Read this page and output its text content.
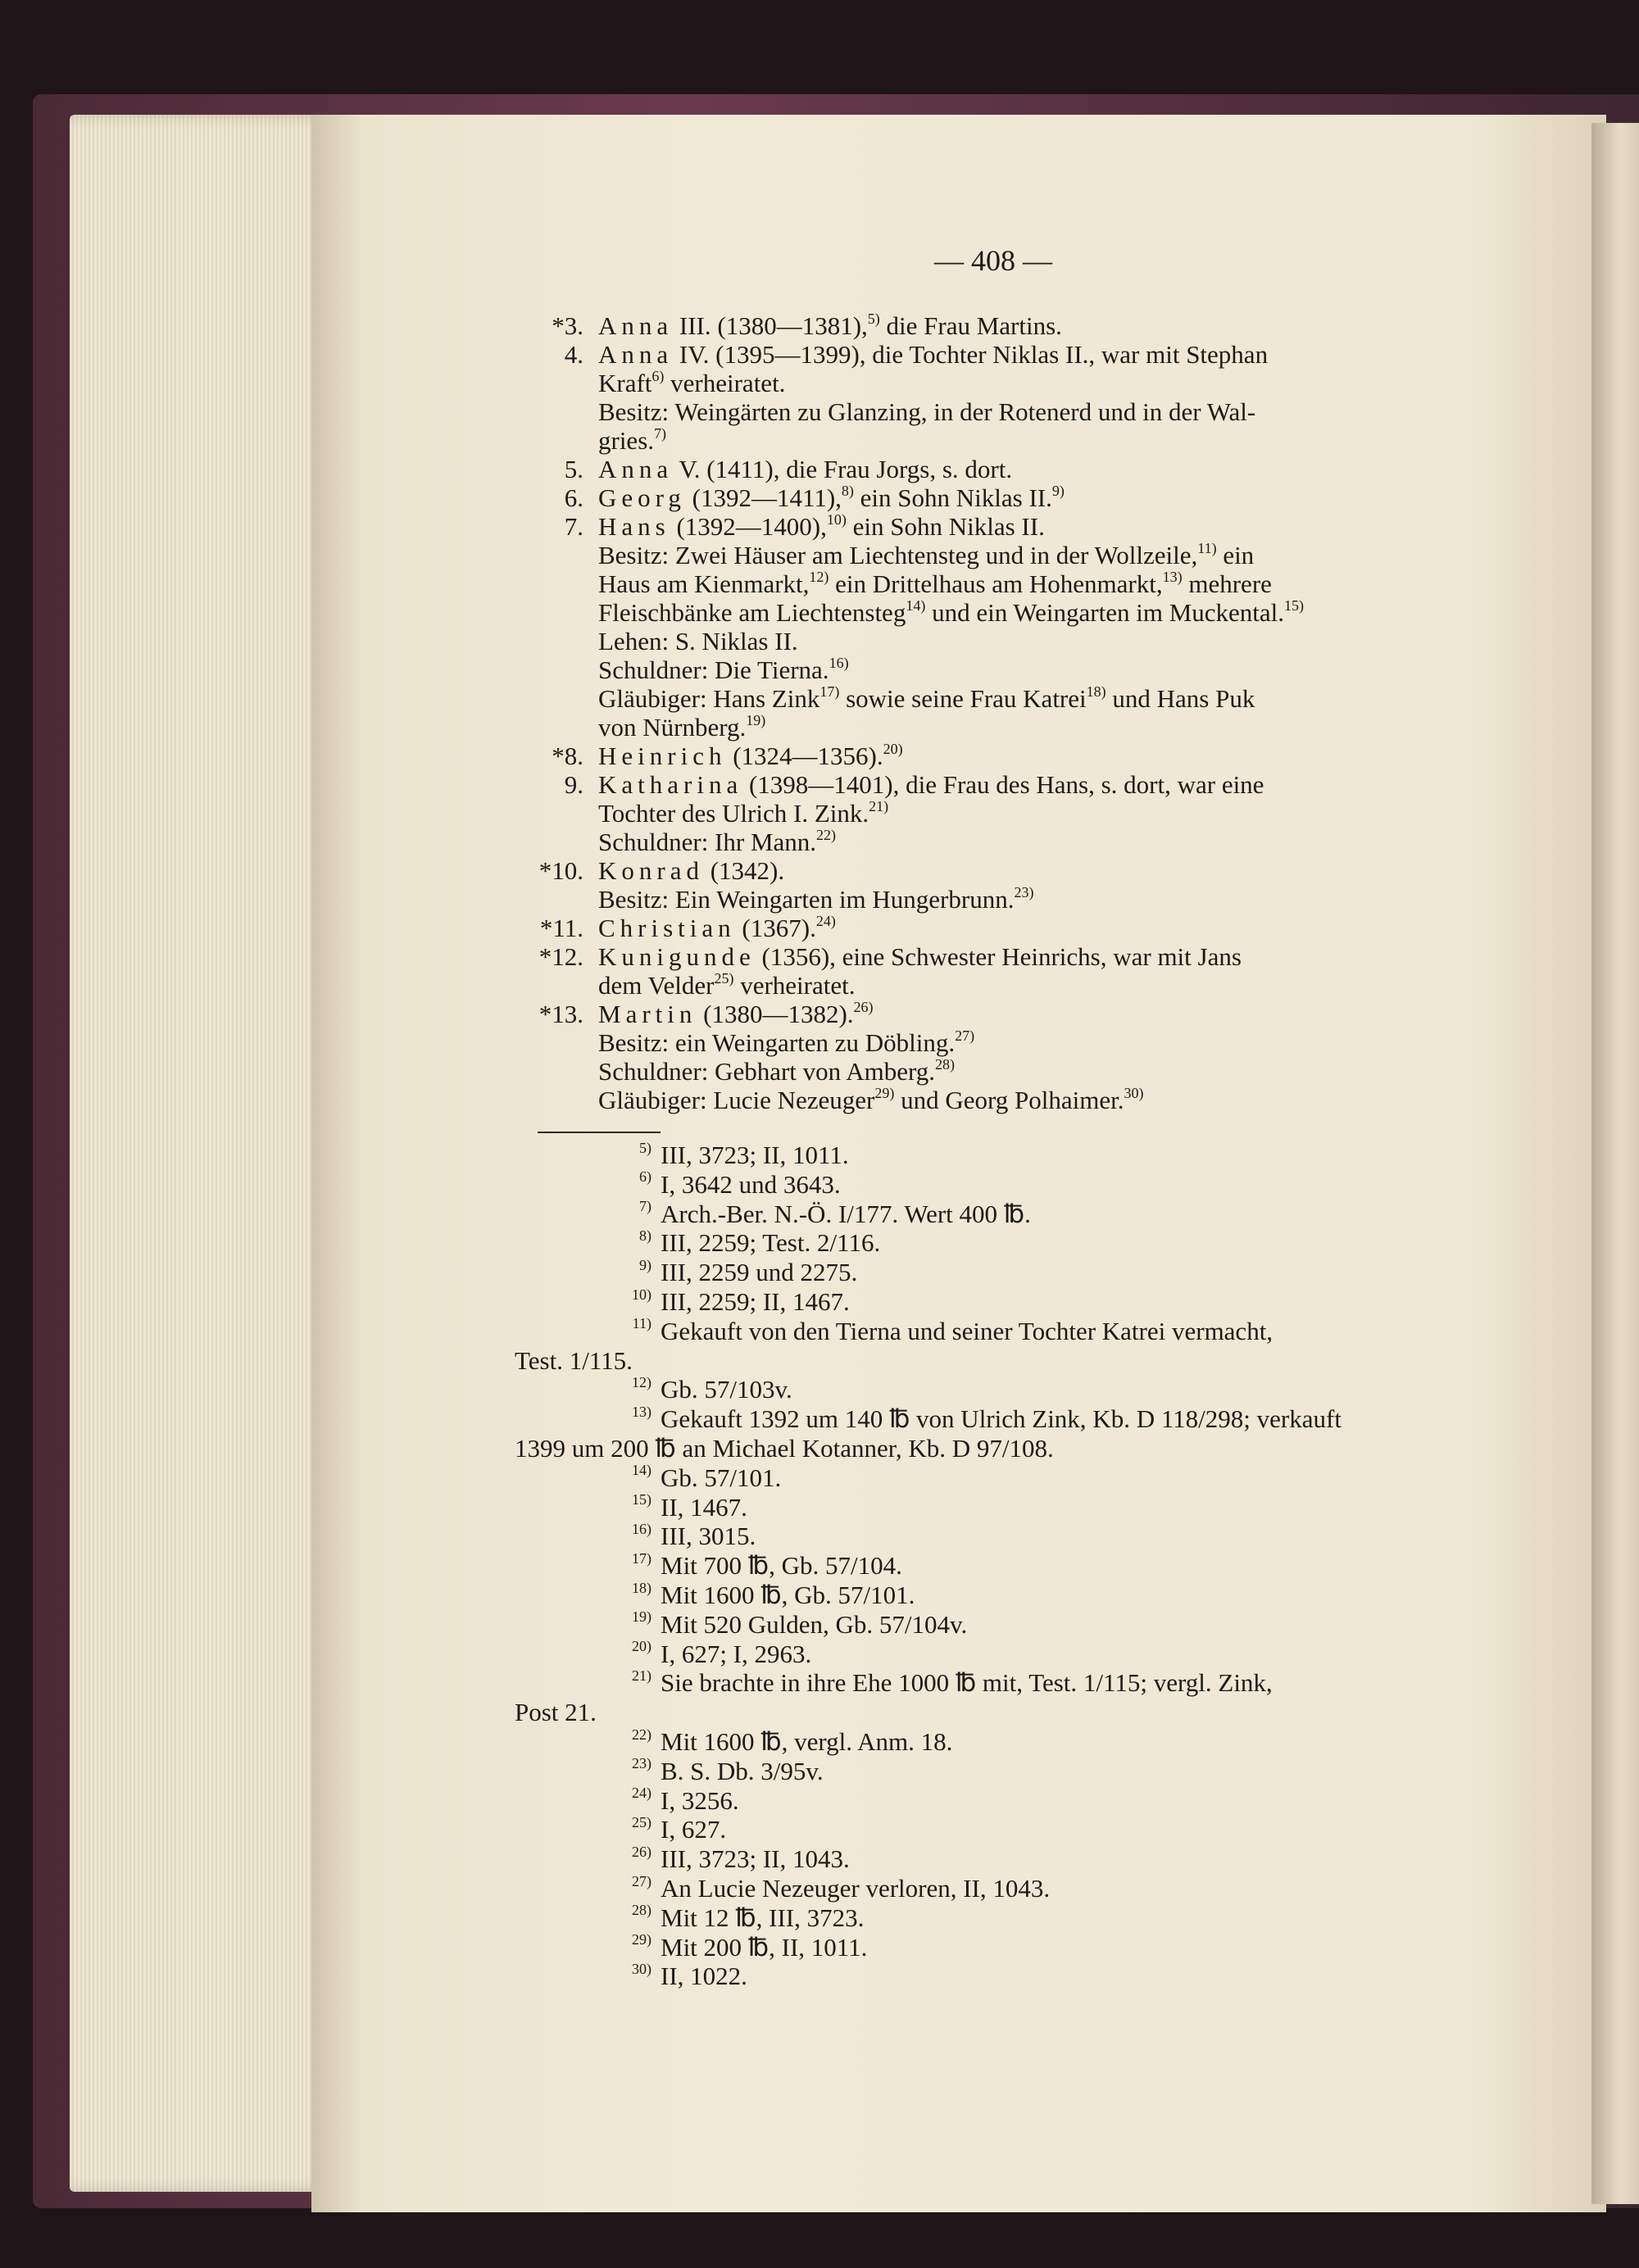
— 408 —
*3. Anna III. (1380—1381),$^{5)}$ die Frau Martins.
4. Anna IV. (1395—1399), die Tochter Niklas II., war mit Stephan
Kraft$^{6)}$ verheiratet.
Besitz: Weingärten zu Glanzing, in der Rotenerd und in der Wal-
gries.$^{7)}$
5. Anna V. (1411), die Frau Jorgs, s. dort.
6. Georg (1392—1411),$^{8)}$ ein Sohn Niklas II.$^{9)}$
7. Hans (1392—1400),$^{10)}$ ein Sohn Niklas II.
Besitz: Zwei Häuser am Liechtensteg und in der Wollzeile,$^{11)}$ ein
Haus am Kienmarkt,$^{12)}$ ein Drittelhaus am Hohenmarkt,$^{13)}$ mehrere
Fleischbänke am Liechtensteg$^{14)}$ und ein Weingarten im Muckental.$^{15)}$
Lehen: S. Niklas II.
Schuldner: Die Tierna.$^{16)}$
Gläubiger: Hans Zink$^{17)}$ sowie seine Frau Katrei$^{18)}$ und Hans Puk
von Nürnberg.$^{19)}$
*8. Heinrich (1324—1356).$^{20)}$
9. Katharina (1398—1401), die Frau des Hans, s. dort, war eine
Tochter des Ulrich I. Zink.$^{21)}$
Schuldner: Ihr Mann.$^{22)}$
*10. Konrad (1342).
Besitz: Ein Weingarten im Hungerbrunn.$^{23)}$
*11. Christian (1367).$^{24)}$
*12. Kunigunde (1356), eine Schwester Heinrichs, war mit Jans
dem Velder$^{25)}$ verheiratet.
*13. Martin (1380—1382).$^{26)}$
Besitz: ein Weingarten zu Döbling.$^{27)}$
Schuldner: Gebhart von Amberg.$^{28)}$
Gläubiger: Lucie Nezeuger$^{29)}$ und Georg Polhaimer.$^{30)}$
$^{5)}$ III, 3723; II, 1011.
$^{6)}$ I, 3642 und 3643.
$^{7)}$ Arch.-Ber. N.-Ö. I/177. Wert 400 ℔.
$^{8)}$ III, 2259; Test. 2/116.
$^{9)}$ III, 2259 und 2275.
$^{10)}$ III, 2259; II, 1467.
$^{11)}$ Gekauft von den Tierna und seiner Tochter Katrei vermacht,
Test. 1/115.
$^{12)}$ Gb. 57/103v.
$^{13)}$ Gekauft 1392 um 140 ℔ von Ulrich Zink, Kb. D 118/298; verkauft
1399 um 200 ℔ an Michael Kotanner, Kb. D 97/108.
$^{14)}$ Gb. 57/101.
$^{15)}$ II, 1467.
$^{16)}$ III, 3015.
$^{17)}$ Mit 700 ℔, Gb. 57/104.
$^{18)}$ Mit 1600 ℔, Gb. 57/101.
$^{19)}$ Mit 520 Gulden, Gb. 57/104v.
$^{20)}$ I, 627; I, 2963.
$^{21)}$ Sie brachte in ihre Ehe 1000 ℔ mit, Test. 1/115; vergl. Zink,
Post 21.
$^{22)}$ Mit 1600 ℔, vergl. Anm. 18.
$^{23)}$ B. S. Db. 3/95v.
$^{24)}$ I, 3256.
$^{25)}$ I, 627.
$^{26)}$ III, 3723; II, 1043.
$^{27)}$ An Lucie Nezeuger verloren, II, 1043.
$^{28)}$ Mit 12 ℔, III, 3723.
$^{29)}$ Mit 200 ℔, II, 1011.
$^{30)}$ II, 1022.
